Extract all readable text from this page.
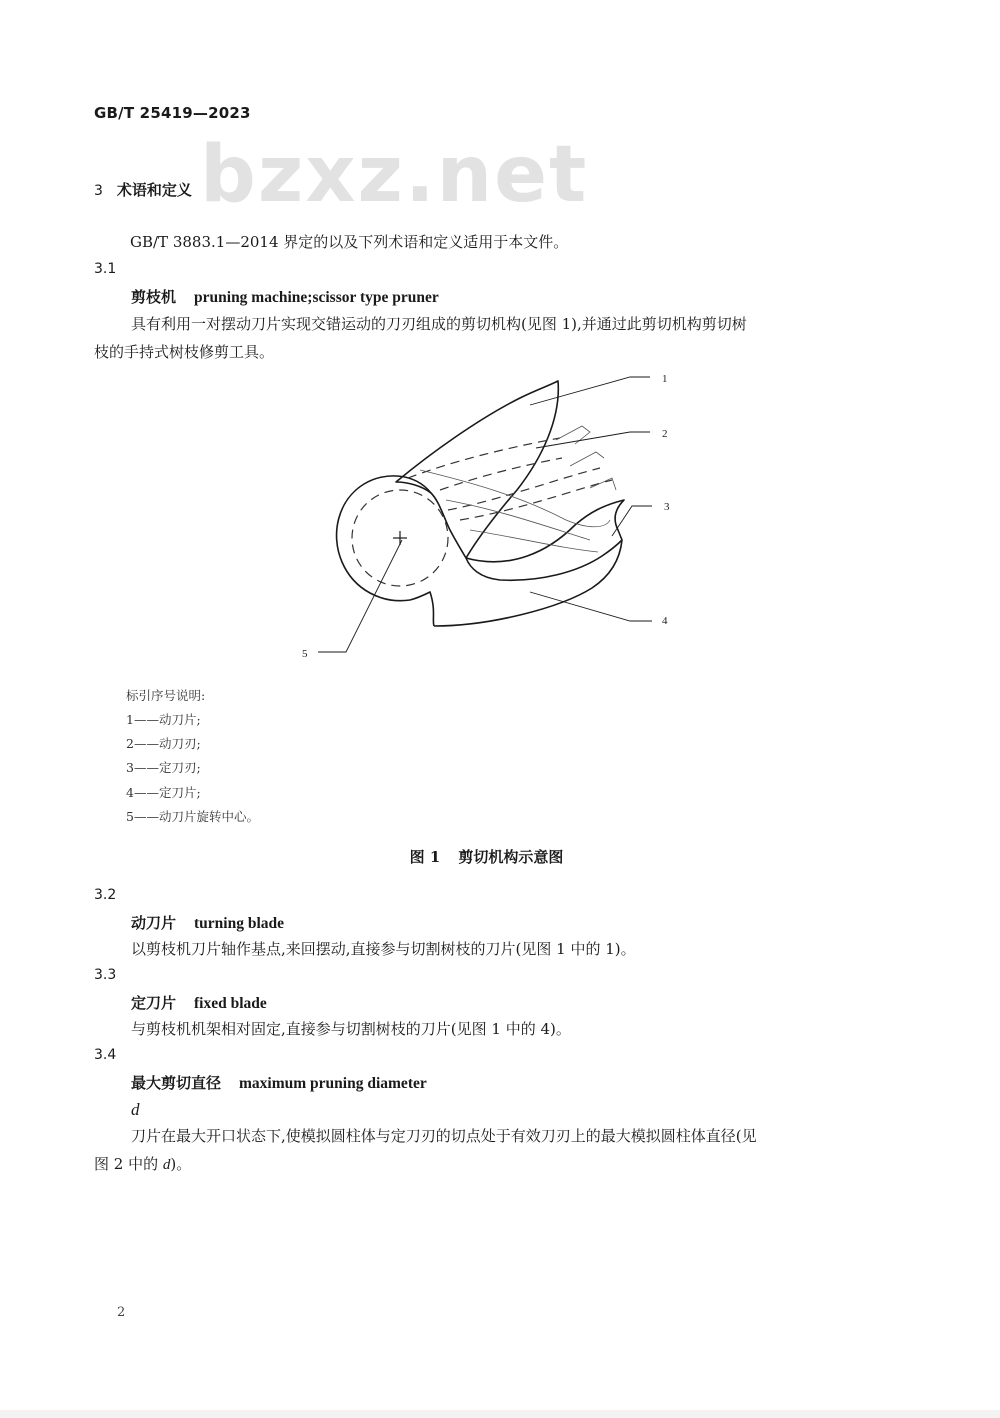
GB/T 25419—2023
bzxz.net
3 术语和定义
GB/T 3883.1—2014 界定的以及下列术语和定义适用于本文件。
3.1
剪枝机 pruning machine;scissor type pruner
具有利用一对摆动刀片实现交错运动的刀刃组成的剪切机构(见图 1),并通过此剪切机构剪切树
枝的手持式树枝修剪工具。
1
2
3
4
5
标引序号说明:
1——动刀片;
2——动刀刃;
3——定刀刃;
4——定刀片;
5——动刀片旋转中心。
图 1 剪切机构示意图
3.2
动刀片 turning blade
以剪枝机刀片轴作基点,来回摆动,直接参与切割树枝的刀片(见图 1 中的 1)。
3.3
定刀片 fixed blade
与剪枝机机架相对固定,直接参与切割树枝的刀片(见图 1 中的 4)。
3.4
最大剪切直径 maximum pruning diameter
d
刀片在最大开口状态下,使模拟圆柱体与定刀刃的切点处于有效刀刃上的最大模拟圆柱体直径(见
图 2 中的 d)。
2
